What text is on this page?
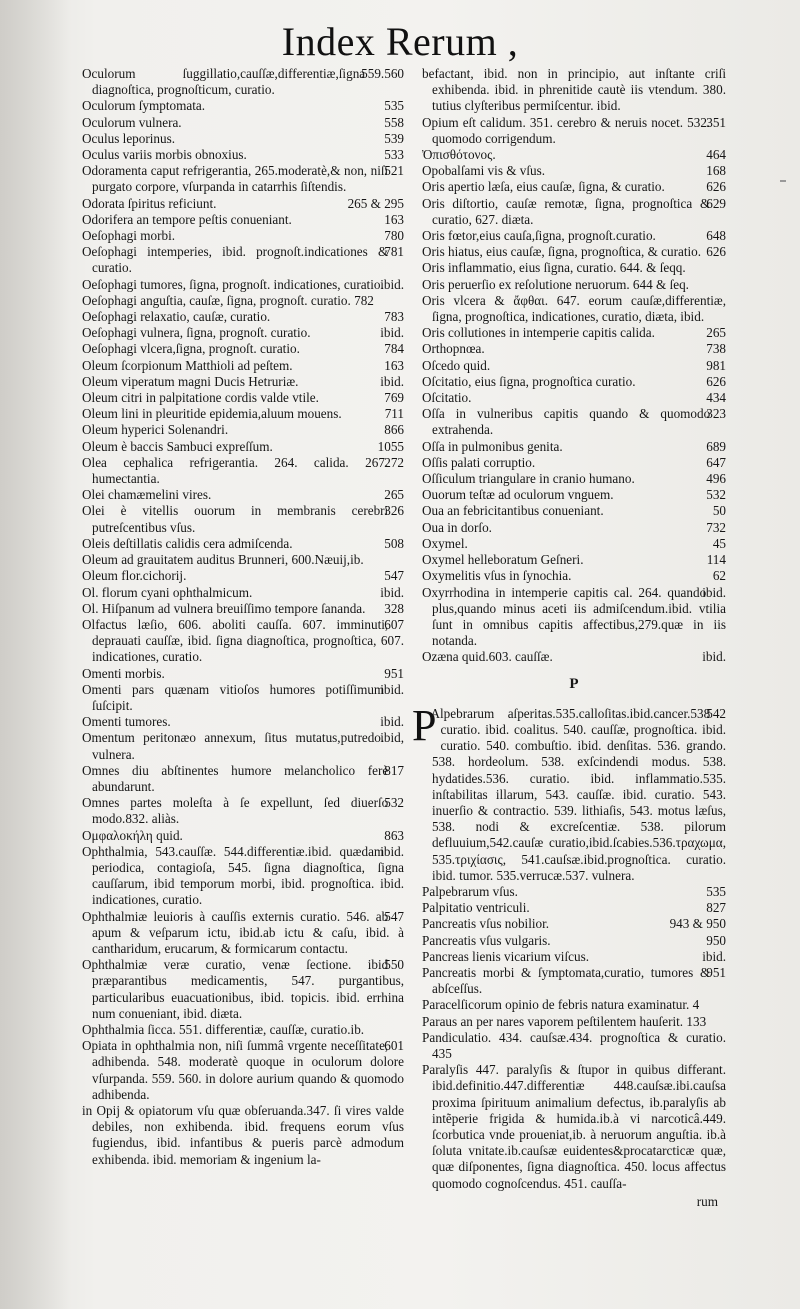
Index Rerum ,

559.560
Oculorum ſuggillatio,cauſſæ,differentiæ,ſigna diagnoſtica, prognoſticum, curatio.

535
Oculorum ſymptomata.

558
Oculorum vulnera.

539
Oculus leporinus.

533
Oculus variis morbis obnoxius.

521
Odoramenta caput refrigerantia, 265.moderatè,& non, niſi purgato corpore, vſurpanda in catarrhis ſiſtendis.

265 & 295
Odorata ſpiritus reficiunt.

163
Odorifera an tempore peſtis conueniant.

780
Oeſophagi morbi.

781
Oeſophagi intemperies, ibid. prognoſt.indicationes & curatio.

ibid.
Oeſophagi tumores, ſigna, prognoſt. indicationes, curatio.

Oeſophagi anguſtia, cauſæ, ſigna, prognoſt. curatio. 782

783
Oeſophagi relaxatio, cauſæ, curatio.

ibid.
Oeſophagi vulnera, ſigna, prognoſt. curatio.

784
Oeſophagi vlcera,ſigna, prognoſt. curatio.

163
Oleum ſcorpionum Matthioli ad peſtem.

ibid.
Oleum viperatum magni Ducis Hetruriæ.

769
Oleum citri in palpitatione cordis valde vtile.

711
Oleum lini in pleuritide epidemia,aluum mouens.

866
Oleum hyperici Solenandri.

1055
Oleum è baccis Sambuci expreſſum.

272
Olea cephalica refrigerantia. 264. calida. 267. humectantia.

265
Olei chamæmelini vires.

326
Olei è vitellis ouorum in membranis cerebri putreſcentibus vſus.

508
Oleis deſtillatis calidis cera admiſcenda.

Oleum ad grauitatem auditus Brunneri, 600.Næuij,ib.

547
Oleum flor.cichorij.

ibid.
Ol. florum cyani ophthalmicum.

328
Ol. Hiſpanum ad vulnera breuiſſimo tempore ſananda.

607
Olfactus læſio, 606. aboliti cauſſa. 607. imminuti, deprauati cauſſæ, ibid. ſigna diagnoſtica, prognoſtica, 607. indicationes, curatio.

951
Omenti morbis.

ibid.
Omenti pars quænam vitioſos humores potiſſimum ſuſcipit.

ibid.
Omenti tumores.

ibid,
Omentum peritonæo annexum, ſitus mutatus,putredo. vulnera.

817
Omnes diu abſtinentes humore melancholico ferè abundarunt.

532
Omnes partes moleſta à ſe expellunt, ſed diuerſo modo.832. aliàs.

863
Ομφαλοκήλη quid.

ibid.
Ophthalmia, 543.cauſſæ. 544.differentiæ.ibid. quædam periodica, contagioſa, 545. ſigna diagnoſtica, ſigna cauſſarum, ibid temporum morbi, ibid. prognoſtica. ibid. indicationes, curatio.

547
Ophthalmiæ leuioris à cauſſis externis curatio. 546. ab apum & veſparum ictu, ibid.ab ictu & caſu, ibid. à cantharidum, erucarum, & formicarum contactu.

550
Ophthalmiæ veræ curatio, venæ ſectione. ibid præparantibus medicamentis, 547. purgantibus, particularibus euacuationibus, ibid. topicis. ibid. errhina num conueniant, ibid. diæta.

Ophthalmia ſicca. 551. differentiæ, cauſſæ, curatio.ib.

601
Opiata in ophthalmia non, niſi ſummâ vrgente neceſſitate, adhibenda. 548. moderatè quoque in oculorum dolore vſurpanda. 559. 560. in dolore aurium quando & quomodo adhibenda.

in Opij & opiatorum vſu quæ obſeruanda.347. ſi vires valde debiles, non exhibenda. ibid. frequens eorum vſus fugiendus, ibid. infantibus & pueris parcè admodum exhibenda. ibid. memoriam & ingenium la-

befactant, ibid. non in principio, aut inſtante criſi exhibenda. ibid. in phrenitide cautè iis vtendum. 380. tutius clyſteribus permiſcentur. ibid.

351
Opium eſt calidum. 351. cerebro & neruis nocet. 532. quomodo corrigendum.

464
Ὀπισθότονος.

168
Opobalſami vis & vſus.

626
Oris apertio læſa, eius cauſæ, ſigna, & curatio.

629
Oris diſtortio, cauſæ remotæ, ſigna, prognoſtica & curatio, 627. diæta.

648
Oris fœtor,eius cauſa,ſigna, prognoſt.curatio.

626
Oris hiatus, eius cauſæ, ſigna, prognoſtica, & curatio.

Oris inflammatio, eius ſigna, curatio. 644. & ſeqq.

Oris peruerſio ex reſolutione neruorum. 644 & ſeq.

Oris vlcera & ἄφθαι. 647. eorum cauſæ,differentiæ, ſigna, prognoſtica, indicationes, curatio, diæta, ibid.

265
Oris collutiones in intemperie capitis calida.

738
Orthopnœa.

981
Oſcedo quid.

626
Oſcitatio, eius ſigna, prognoſtica curatio.

434
Oſcitatio.

323
Oſſa in vulneribus capitis quando & quomodo extrahenda.

689
Oſſa in pulmonibus genita.

647
Oſſis palati corruptio.

496
Oſſiculum triangulare in cranio humano.

532
Ouorum teſtæ ad oculorum vnguem.

50
Oua an febricitantibus conueniant.

732
Oua in dorſo.

45
Oxymel.

114
Oxymel helleboratum Geſneri.

62
Oxymelitis vſus in ſynochia.

ibid.
Oxyrrhodina in intemperie capitis cal. 264. quando plus,quando minus aceti iis admiſcendum.ibid. vtilia ſunt in omnibus capitis affectibus,279.quæ in iis notanda.

ibid.
Ozæna quid.603. cauſſæ.

P

P	542
Alpebrarum aſperitas.535.calloſitas.ibid.cancer.538 curatio. ibid. coalitus. 540. cauſſæ, prognoſtica. ibid. curatio. 540. combuſtio. ibid. denſitas. 536. grando. 538. hordeolum. 538. exſcindendi modus. 538. hydatides.536. curatio. ibid. inflammatio.535. inſtabilitas illarum, 543. cauſſæ. ibid. curatio. 543. inuerſio & contractio. 539. lithiaſis, 543. motus læſus, 538. nodi & excreſcentiæ. 538. pilorum defluuium,542.cauſæ curatio,ibid.ſcabies.536.τραχωμα, 535.τριχίασις, 541.cauſsæ.ibid.prognoſtica. curatio. ibid. tumor. 535.verrucæ.537. vulnera.

535
Palpebrarum vſus.

827
Palpitatio ventriculi.

943 & 950
Pancreatis vſus nobilior.

950
Pancreatis vſus vulgaris.

ibid.
Pancreas lienis vicarium viſcus.

951
Pancreatis morbi & ſymptomata,curatio, tumores & abſceſſus.

Paracelſicorum opinio de febris natura examinatur. 4

Paraus an per nares vaporem peſtilentem hauſerit. 133

Pandiculatio. 434. cauſsæ.434. prognoſtica & curatio. 435

Paralyſis 447. paralyſis & ſtupor in quibus differant. ibid.definitio.447.differentiæ 448.cauſsæ.ibi.cauſsa proxima ſpirituum animalium defectus, ib.paralyſis ab intẽperie frigida & humida.ib.à vi narcoticâ.449. ſcorbutica vnde proueniat,ib. à neruorum anguſtia. ib.à ſoluta vnitate.ib.cauſsæ euidentes&procatarcticæ quæ, quæ diſponentes, ſigna diagnoſtica. 450. locus affectus quomodo cognoſcendus. 451. cauſſa-

rum
